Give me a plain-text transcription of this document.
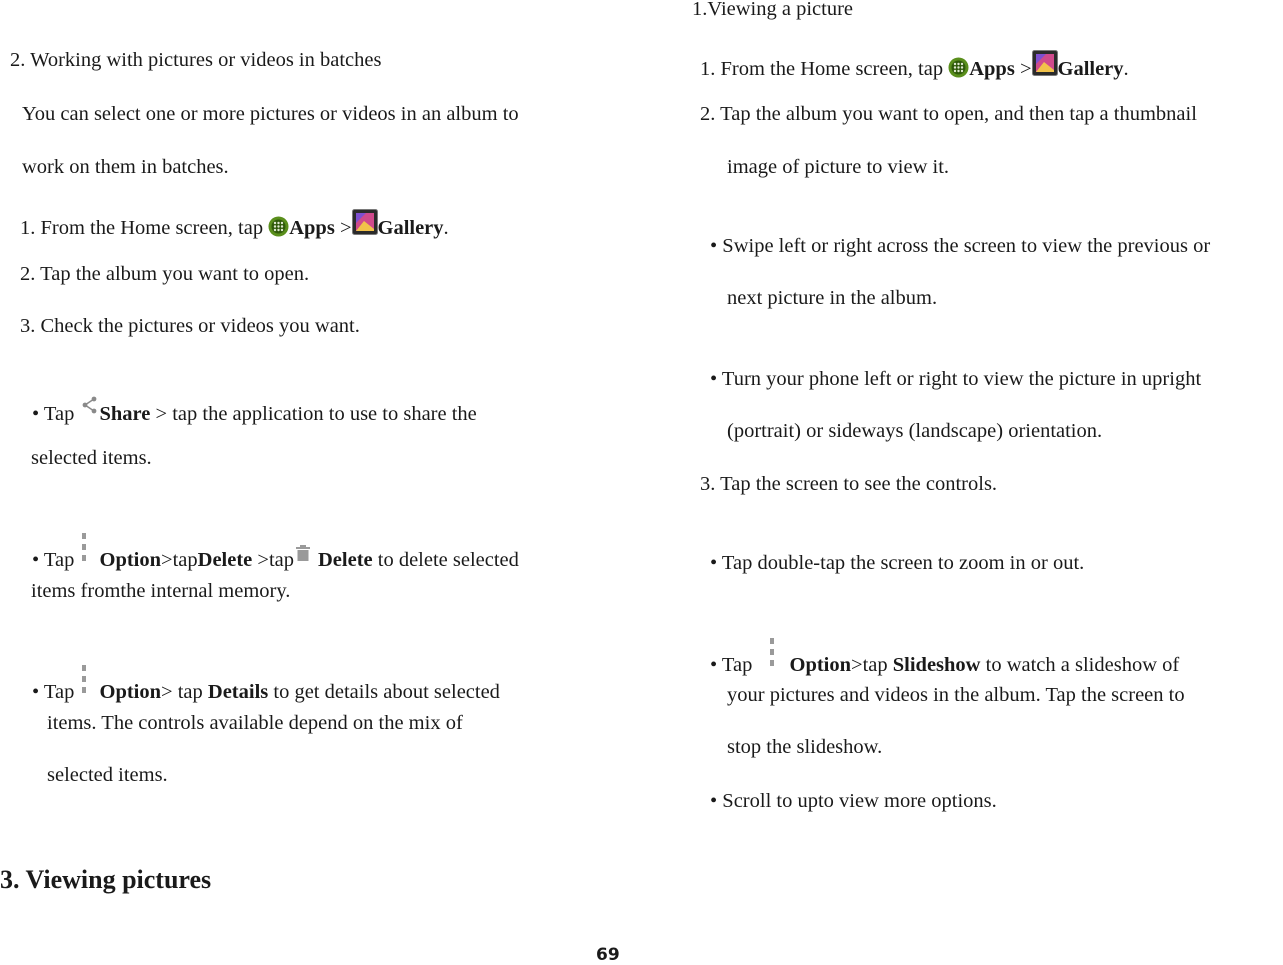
2. Working with pictures or videos in batches
You can select one or more pictures or videos in an album to
work on them in batches.
1. From the Home screen, tap Apps > Gallery.
2. Tap the album you want to open.
3. Check the pictures or videos you want.
• Tap Share > tap the application to use to share the
selected items.
• Tap Option>tapDelete >tap Delete to delete selected
items fromthe internal memory.
• Tap Option> tap Details to get details about selected
items. The controls available depend on the mix of
selected items.
3. Viewing pictures
1.Viewing a picture
1. From the Home screen, tap Apps > Gallery.
2. Tap the album you want to open, and then tap a thumbnail
image of picture to view it.
• Swipe left or right across the screen to view the previous or
next picture in the album.
• Turn your phone left or right to view the picture in upright
(portrait) or sideways (landscape) orientation.
3. Tap the screen to see the controls.
• Tap double-tap the screen to zoom in or out.
• Tap Option>tap Slideshow to watch a slideshow of
your pictures and videos in the album. Tap the screen to
stop the slideshow.
• Scroll to upto view more options.
69
